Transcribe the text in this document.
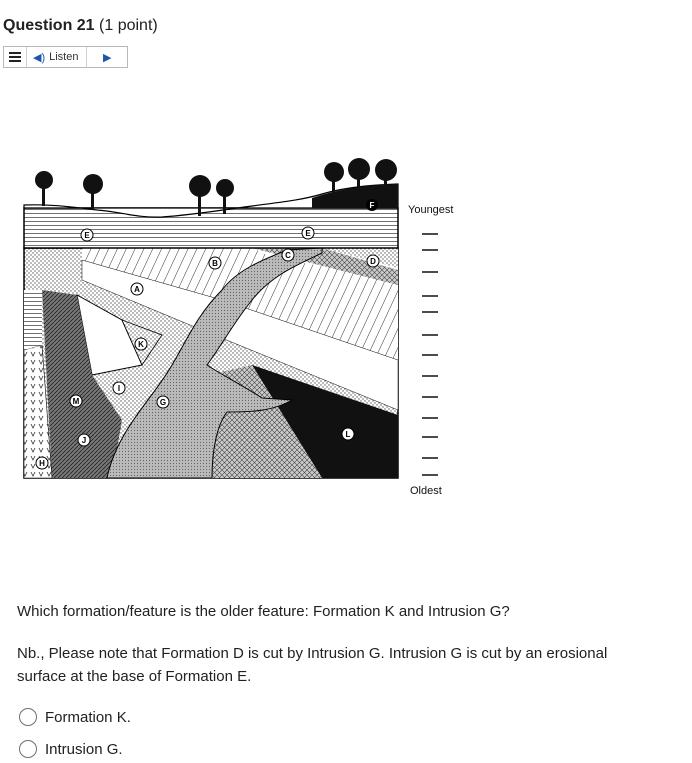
Question 21 (1 point)
◀) Listen	▶
F
E	E
B
C
D
A
K
I
G
M
J
H
L
Youngest
Oldest
Which formation/feature is the older feature: Formation K and Intrusion G?
Nb., Please note that Formation D is cut by Intrusion G. Intrusion G is cut by an erosional surface at the base of Formation E.
Formation K.
Intrusion G.
